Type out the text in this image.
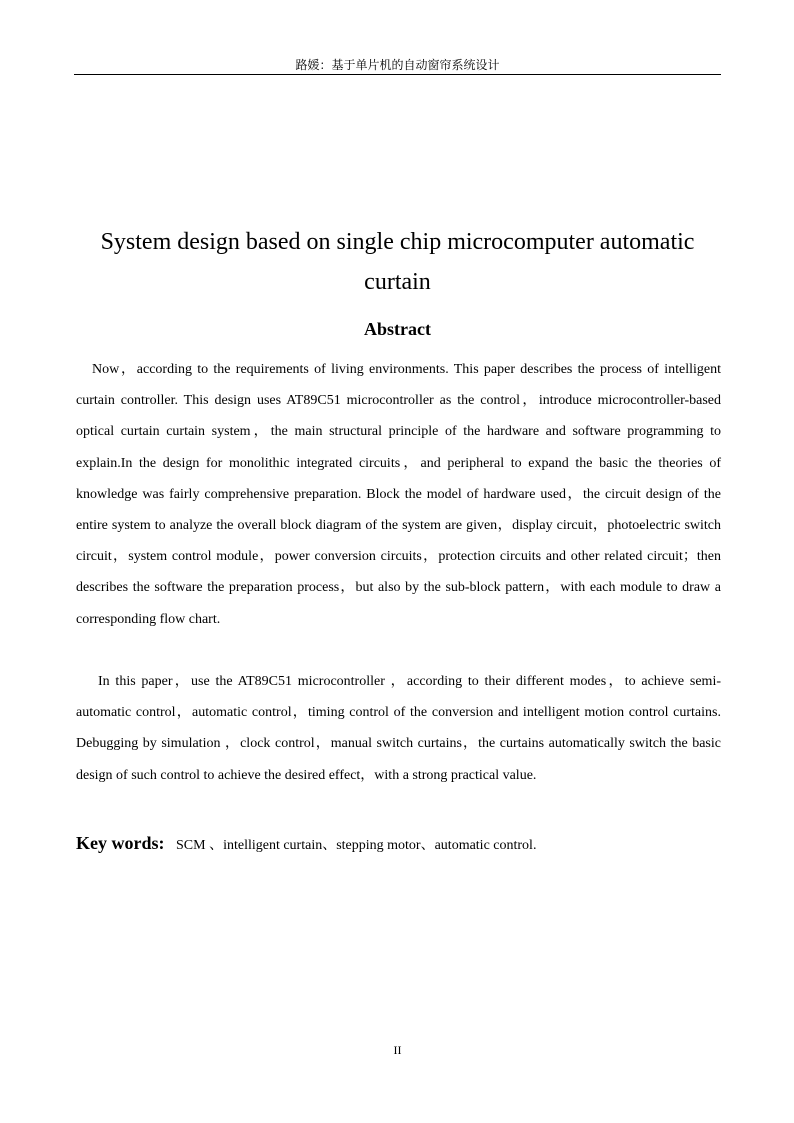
路媛：基于单片机的自动窗帘系统设计
System design based on single chip microcomputer automatic
curtain
Abstract

Now，according to the requirements of living environments. This paper describes the process of intelligent curtain controller. This design uses AT89C51 microcontroller as the control，introduce microcontroller-based optical curtain curtain system，the main structural principle of the hardware and software programming to explain.In the design for monolithic integrated circuits，and peripheral to expand the basic the theories of knowledge was fairly comprehensive preparation. Block the model of hardware used，the circuit design of the entire system to analyze the overall block diagram of the system are given，display circuit，photoelectric switch circuit，system control module，power conversion circuits，protection circuits and other related circuit；then describes the software the preparation process，but also by the sub-block pattern，with each module to draw a corresponding flow chart.

In this paper，use the AT89C51 microcontroller ，according to their different modes，to achieve semi-automatic control，automatic control，timing control of the conversion and intelligent motion control curtains. Debugging by simulation ，clock control，manual switch curtains，the curtains automatically switch the basic design of such control to achieve the desired effect，with a strong practical value.

Key words: SCM 、intelligent curtain、stepping motor、automatic control.
II
